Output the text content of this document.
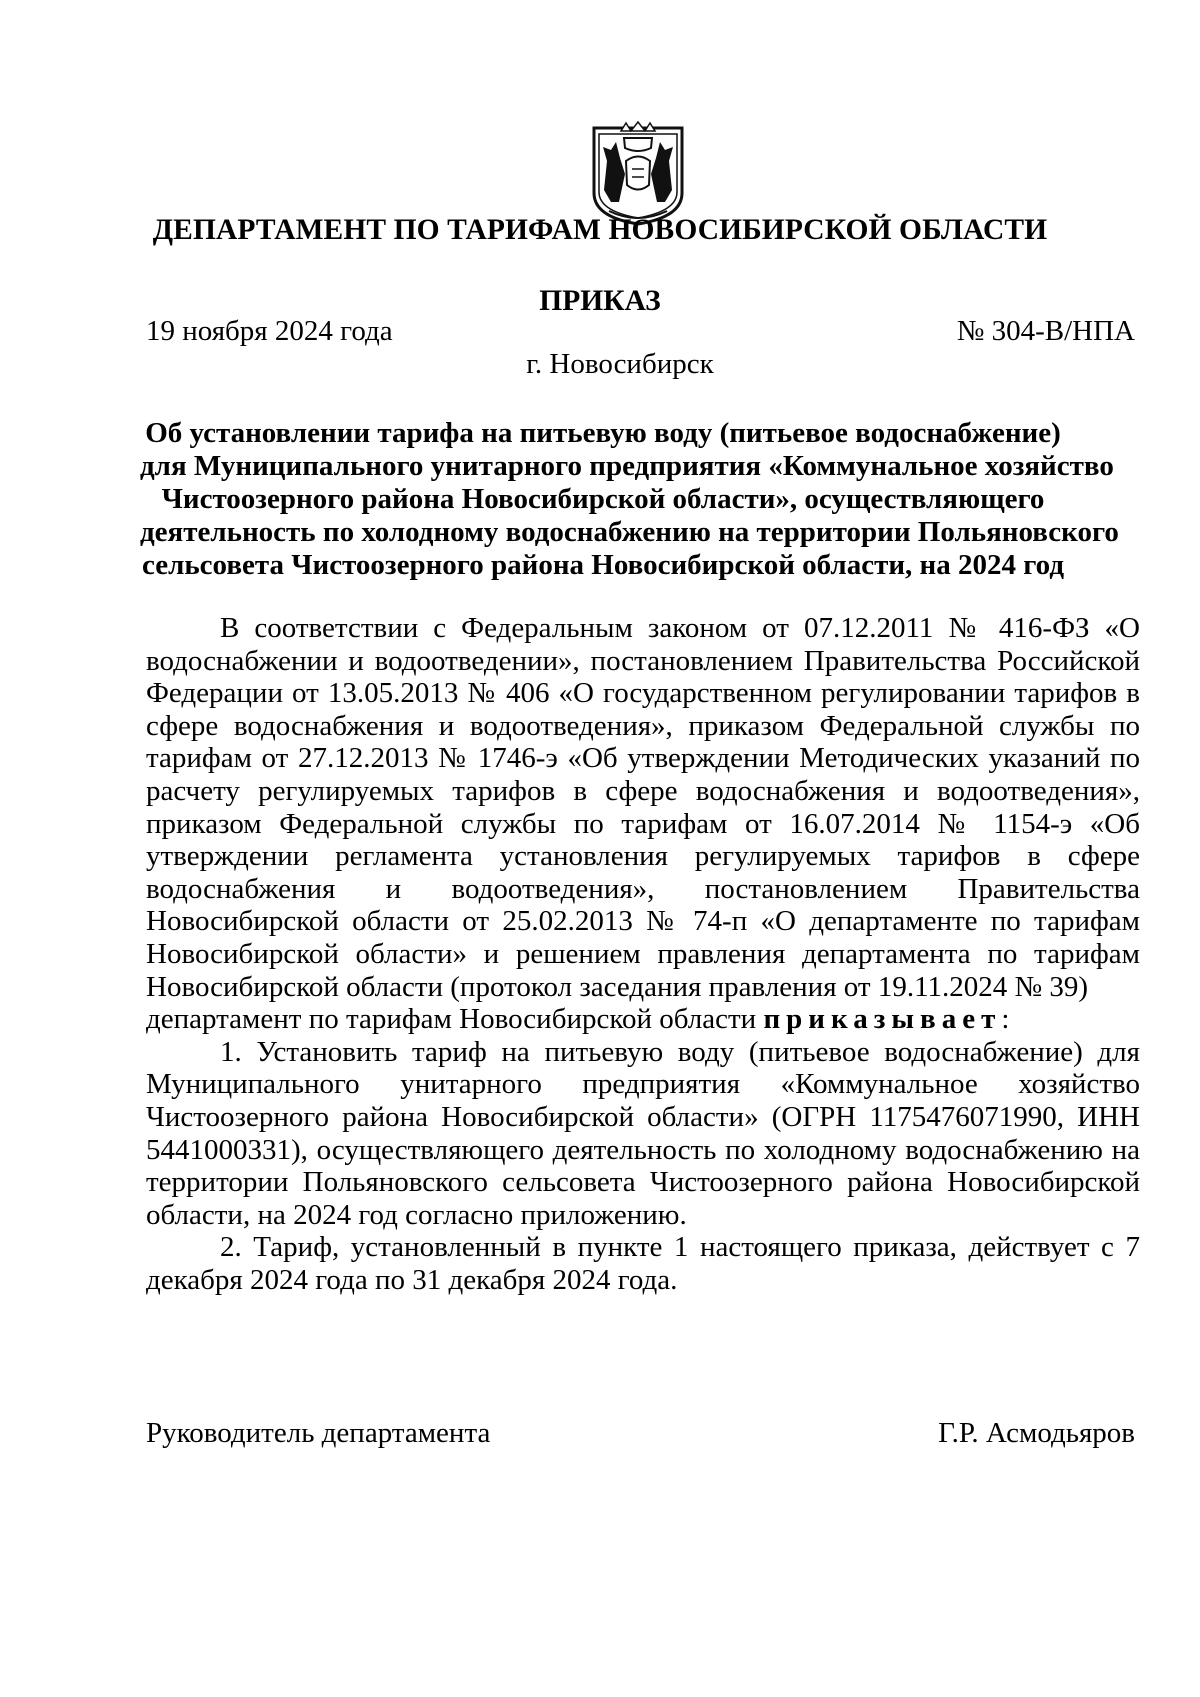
ДЕПАРТАМЕНТ ПО ТАРИФАМ НОВОСИБИРСКОЙ ОБЛАСТИ
ПРИКАЗ
19 ноября 2024 года	№ 304-В/НПА
г. Новосибирск
Об установлении тарифа на питьевую воду (питьевое водоснабжение)
для Муниципального унитарного предприятия «Коммунальное хозяйство
Чистоозерного района Новосибирской области», осуществляющего
деятельность по холодному водоснабжению на территории Польяновского
сельсовета Чистоозерного района Новосибирской области, на 2024 год

В соответствии с Федеральным законом от 07.12.2011 № 416-ФЗ «О водоснабжении и водоотведении», постановлением Правительства Российской Федерации от 13.05.2013 № 406 «О государственном регулировании тарифов в сфере водоснабжения и водоотведения», приказом Федеральной службы по тарифам от 27.12.2013 № 1746-э «Об утверждении Методических указаний по расчету регулируемых тарифов в сфере водоснабжения и водоотведения», приказом Федеральной службы по тарифам от 16.07.2014 № 1154-э «Об утверждении регламента установления регулируемых тарифов в сфере водоснабжения и водоотведения», постановлением Правительства Новосибирской области от 25.02.2013 № 74-п «О департаменте по тарифам Новосибирской области» и решением правления департамента по тарифам Новосибирской области (протокол заседания правления от 19.11.2024 № 39)

департамент по тарифам Новосибирской области приказывает:

1. Установить тариф на питьевую воду (питьевое водоснабжение) для Муниципального унитарного предприятия «Коммунальное хозяйство Чистоозерного района Новосибирской области» (ОГРН 1175476071990, ИНН 5441000331), осуществляющего деятельность по холодному водоснабжению на территории Польяновского сельсовета Чистоозерного района Новосибирской области, на 2024 год согласно приложению.

2. Тариф, установленный в пункте 1 настоящего приказа, действует с 7 декабря 2024 года по 31 декабря 2024 года.

Руководитель департамента	Г.Р. Асмодьяров
